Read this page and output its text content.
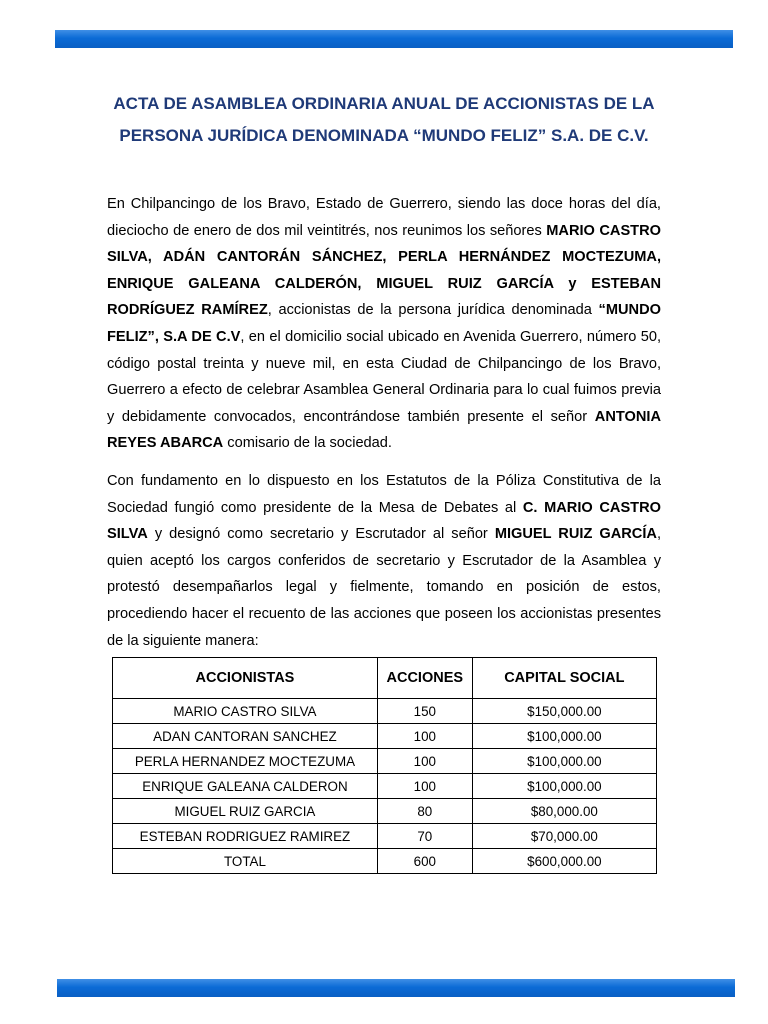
ACTA DE ASAMBLEA ORDINARIA ANUAL DE ACCIONISTAS DE LA PERSONA JURÍDICA DENOMINADA “MUNDO FELIZ” S.A. DE C.V.

En Chilpancingo de los Bravo, Estado de Guerrero, siendo las doce horas del día, dieciocho de enero de dos mil veintitrés, nos reunimos los señores MARIO CASTRO SILVA, ADÁN CANTORÁN SÁNCHEZ, PERLA HERNÁNDEZ MOCTEZUMA, ENRIQUE GALEANA CALDERÓN, MIGUEL RUIZ GARCÍA y ESTEBAN RODRÍGUEZ RAMÍREZ, accionistas de la persona jurídica denominada “MUNDO FELIZ”, S.A DE C.V, en el domicilio social ubicado en Avenida Guerrero, número 50, código postal treinta y nueve mil, en esta Ciudad de Chilpancingo de los Bravo, Guerrero a efecto de celebrar Asamblea General Ordinaria para lo cual fuimos previa y debidamente convocados, encontrándose también presente el señor ANTONIA REYES ABARCA comisario de la sociedad.

Con fundamento en lo dispuesto en los Estatutos de la Póliza Constitutiva de la Sociedad fungió como presidente de la Mesa de Debates al C. MARIO CASTRO SILVA y designó como secretario y Escrutador al señor MIGUEL RUIZ GARCÍA, quien aceptó los cargos conferidos de secretario y Escrutador de la Asamblea y protestó desempañarlos legal y fielmente, tomando en posición de estos, procediendo hacer el recuento de las acciones que poseen los accionistas presentes de la siguiente manera:

ACCIONISTAS	ACCIONES	CAPITAL SOCIAL
MARIO CASTRO SILVA	150	$150,000.00
ADAN CANTORAN SANCHEZ	100	$100,000.00
PERLA HERNANDEZ MOCTEZUMA	100	$100,000.00
ENRIQUE GALEANA CALDERON	100	$100,000.00
MIGUEL RUIZ GARCIA	80	$80,000.00
ESTEBAN RODRIGUEZ RAMIREZ	70	$70,000.00
TOTAL	600	$600,000.00
